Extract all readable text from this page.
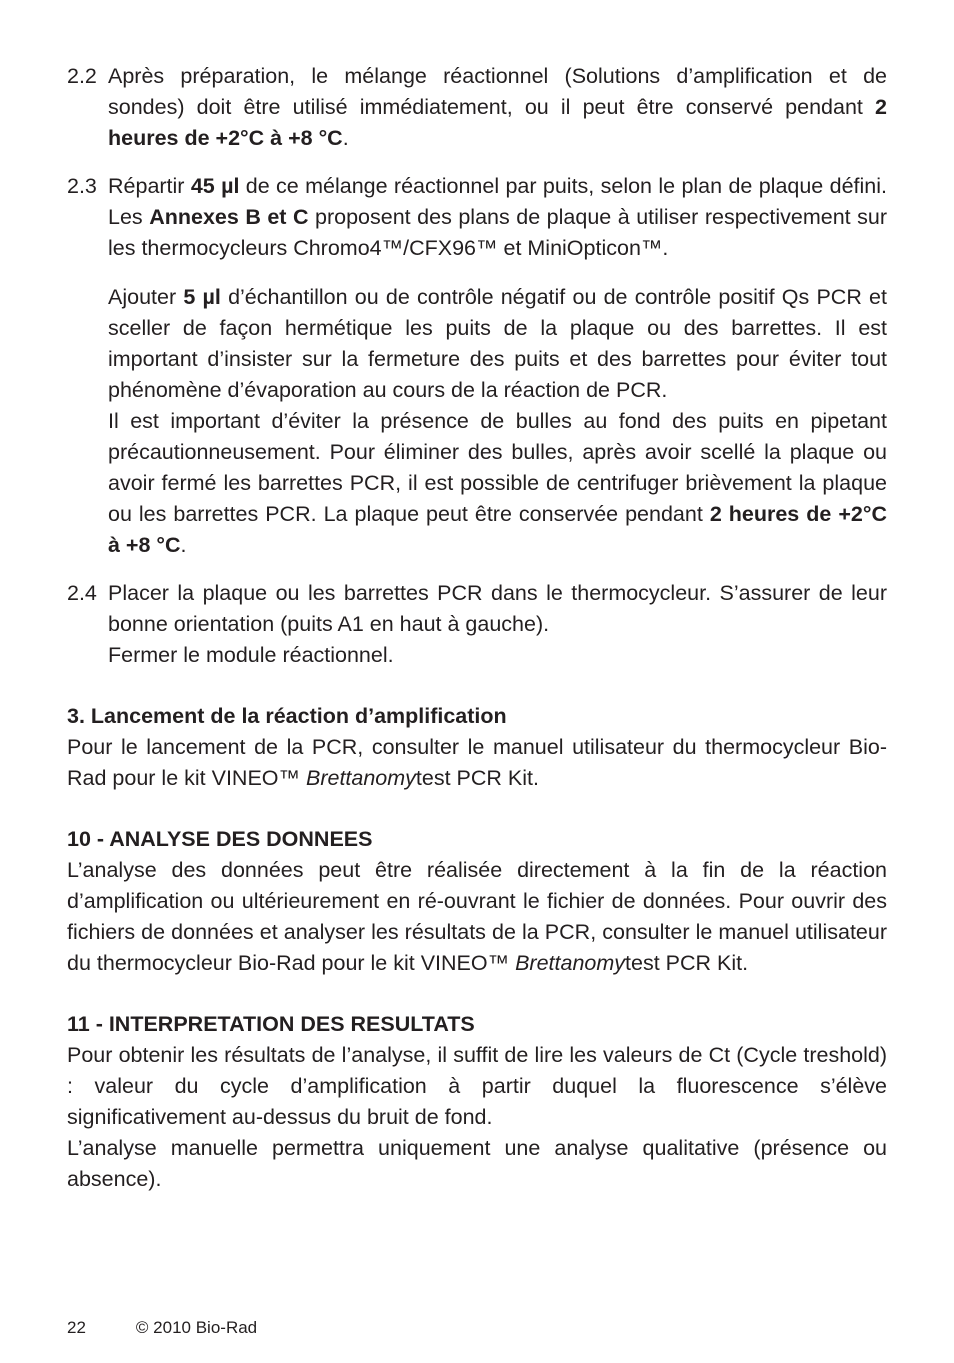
2.2 Après préparation, le mélange réactionnel (Solutions d’amplification et de sondes) doit être utilisé immédiatement, ou il peut être conservé pendant 2 heures de +2°C à +8 °C.

2.3 Répartir 45 µl de ce mélange réactionnel par puits, selon le plan de plaque défini. Les Annexes B et C proposent des plans de plaque à utiliser respectivement sur les thermocycleurs Chromo4™/CFX96™ et MiniOpticon™.

Ajouter 5 µl d’échantillon ou de contrôle négatif ou de contrôle positif Qs PCR et sceller de façon hermétique les puits de la plaque ou des barrettes. Il est important d’insister sur la fermeture des puits et des barrettes pour éviter tout phénomène d’évaporation au cours de la réaction de PCR.

Il est important d’éviter la présence de bulles au fond des puits en pipetant précautionneusement. Pour éliminer des bulles, après avoir scellé la plaque ou avoir fermé les barrettes PCR, il est possible de centrifuger brièvement la plaque ou les barrettes PCR. La plaque peut être conservée pendant 2 heures de +2°C à +8 °C.

2.4 Placer la plaque ou les barrettes PCR dans le thermocycleur. S’assurer de leur bonne orientation (puits A1 en haut à gauche).

Fermer le module réactionnel.

3. Lancement de la réaction d’amplification

Pour le lancement de la PCR, consulter le manuel utilisateur du thermocycleur Bio-Rad pour le kit VINEO™ Brettanomytest PCR Kit.

10 - ANALYSE DES DONNEES

L’analyse des données peut être réalisée directement à la fin de la réaction d’amplification ou ultérieurement en ré-ouvrant le fichier de données. Pour ouvrir des fichiers de données et analyser les résultats de la PCR, consulter le manuel utilisateur du thermocycleur Bio-Rad pour le kit VINEO™ Brettanomytest PCR Kit.

11 - INTERPRETATION DES RESULTATS

Pour obtenir les résultats de l’analyse, il suffit de lire les valeurs de Ct (Cycle treshold) : valeur du cycle d’amplification à partir duquel la fluorescence s’élève significativement au-dessus du bruit de fond.

L’analyse manuelle permettra uniquement une analyse qualitative (présence ou absence).

22	© 2010 Bio-Rad
